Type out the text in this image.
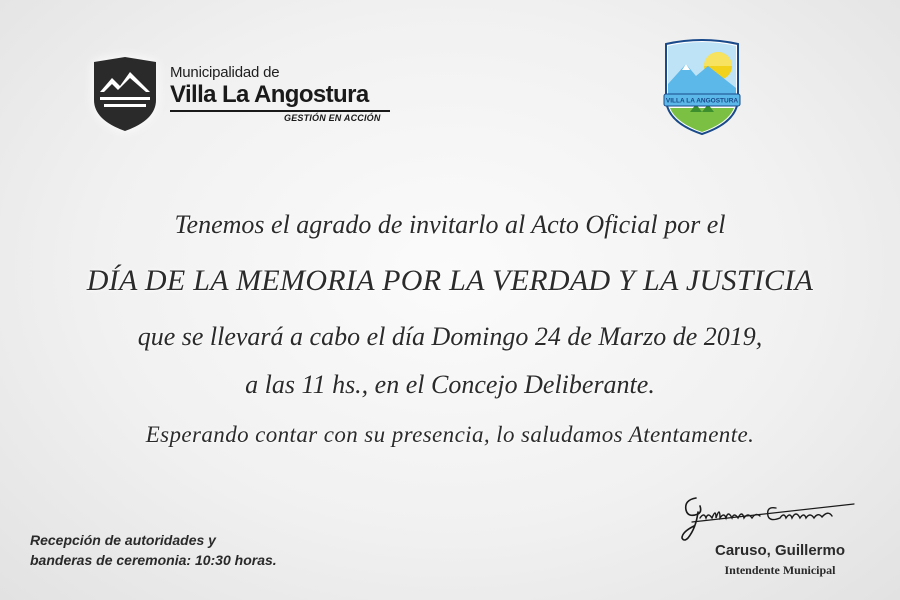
Municipalidad de
Villa La Angostura
GESTIÓN EN ACCIÓN
VILLA LA ANGOSTURA
Tenemos el agrado de invitarlo al Acto Oficial por el
DÍA DE LA MEMORIA POR LA VERDAD Y LA JUSTICIA
que se llevará a cabo el día Domingo 24 de Marzo de 2019,
a las 11 hs., en el Concejo Deliberante.
Esperando contar con su presencia, lo saludamos Atentamente.
Recepción de autoridades y
banderas de ceremonia: 10:30 horas.
Caruso, Guillermo
Intendente Municipal
